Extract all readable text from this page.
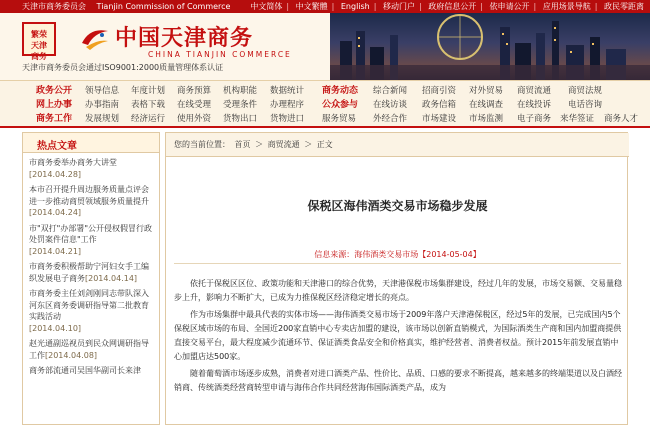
天津市商务委员会 Tianjin Commission of Commerce	中文简体 | 中文繁體 | English | 移动门户 | 政府信息公开 | 依申请公开 | 应用场景导航 | 政民零距离
繁荣
天津
商务
中国天津商务
CHINA TIANJIN COMMERCE
天津市商务委员会通过ISO9001:2000质量管理体系认证
政务公开 领导信息 年度计划 商务预算 机构职能 数据统计 商务动态 综合新闻 招商引资 对外贸易 商贸流通 商贸法规
网上办事 办事指南 表格下载 在线受理 受理条件 办理程序 公众参与 在线访谈 政务信箱 在线调查 在线投诉 电话咨询
商务工作 发展规划 经济运行 使用外资 货物出口 货物进口 服务贸易 外经合作 市场建设 市场监测 电子商务 来华签证 商务人才
热点文章
市商务委举办商务大讲堂
[2014.04.28]
本市召开提升周边服务质量点评会 进一步推动商贸领域服务质量提升[2014.04.24]
市"双打"办部署"公开侵权假冒行政处罚案件信息"工作
[2014.04.21]
市商务委积极帮助宁河妇女手工编织发展电子商务[2014.04.14]
市商务委主任刘剑刚同志带队深入河东区商务委调研指导第二批教育实践活动
[2014.04.10]
赵光通副巡视员到民众网调研指导工作[2014.04.08]
商务部流通司吴国华副司长来津
您的当前位置： 首页 ＞ 商贸流通 ＞ 正文
保税区海伟酒类交易市场稳步发展
信息来源：海伟酒类交易市场【2014-05-04】

依托于保税区区位、政策功能和天津港口的综合优势，天津港保税市场集群建设，经过几年的发展，市场交易额、交易量稳步上升，影响力不断扩大，已成为力推保税区经济稳定增长的亮点。

作为市场集群中最具代表的实体市场——海伟酒类交易市场于2009年落户天津港保税区，经过5年的发展，已完成国内5个保税区域市场的布局、全国近200家直销中心专卖店加盟的建设，该市场以创新直销模式，为国际酒类生产商和国内加盟商提供直接交易平台，最大程度减少流通环节、保证酒类食品安全和价格真实，维护经营者、消费者权益。预计2015年前发展直销中心加盟店达500家。

随着葡萄酒市场逐步成熟，消费者对进口酒类产品、性价比、品质、口感的要求不断提高，越来越多的终端渠道以及白酒经销商、传统酒类经营商转型申请与海伟合作共同经营海伟国际酒类产品，成为
